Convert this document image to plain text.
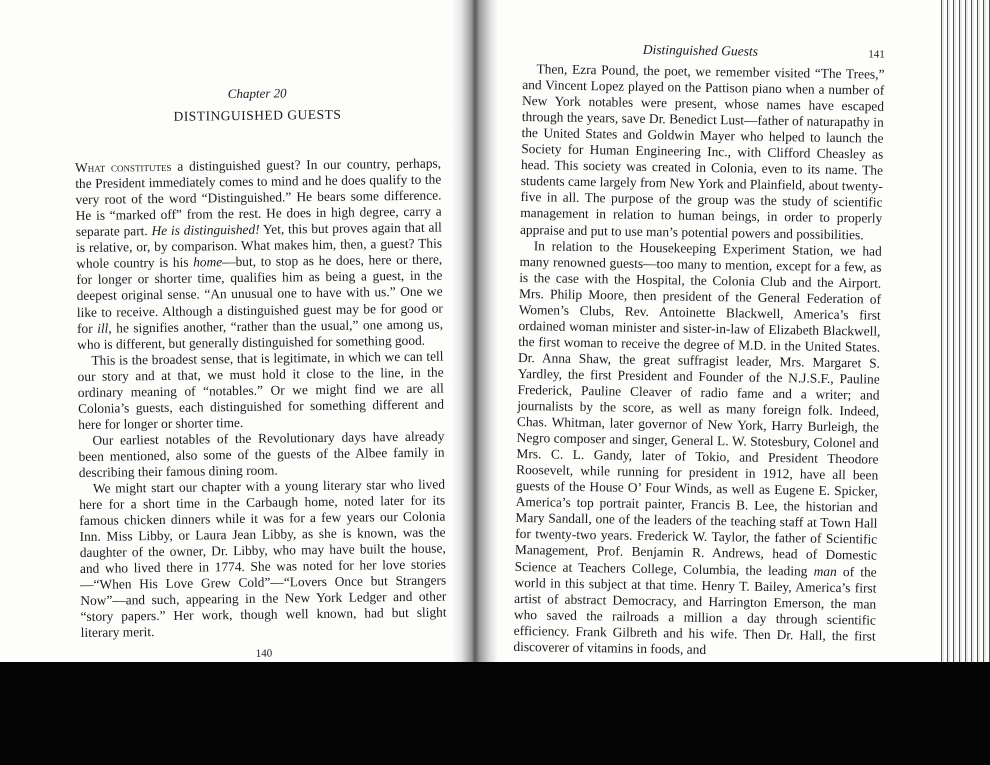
Chapter 20
DISTINGUISHED GUESTS

What constitutes a distinguished guest? In our country, perhaps, the President immediately comes to mind and he does qualify to the very root of the word “Distinguished.” He bears some difference. He is “marked off” from the rest. He does in high degree, carry a separate part. He is distinguished! Yet, this but proves again that all is relative, or, by comparison. What makes him, then, a guest? This whole country is his home—but, to stop as he does, here or there, for longer or shorter time, qualifies him as being a guest, in the deepest original sense. “An unusual one to have with us.” One we like to receive. Although a distinguished guest may be for good or for ill, he signifies another, “rather than the usual,” one among us, who is different, but generally distinguished for something good.

This is the broadest sense, that is legitimate, in which we can tell our story and at that, we must hold it close to the line, in the ordinary meaning of “notables.” Or we might find we are all Colonia’s guests, each distinguished for something different and here for longer or shorter time.

Our earliest notables of the Revolutionary days have already been mentioned, also some of the guests of the Albee family in describing their famous dining room.

We might start our chapter with a young literary star who lived here for a short time in the Carbaugh home, noted later for its famous chicken dinners while it was for a few years our Colonia Inn. Miss Libby, or Laura Jean Libby, as she is known, was the daughter of the owner, Dr. Libby, who may have built the house, and who lived there in 1774. She was noted for her love stories—“When His Love Grew Cold”—“Lovers Once but Strangers Now”—and such, appearing in the New York Ledger and other “story papers.” Her work, though well known, had but slight literary merit.

140
Distinguished Guests	141

Then, Ezra Pound, the poet, we remember visited “The Trees,” and Vincent Lopez played on the Pattison piano when a number of New York notables were present, whose names have escaped through the years, save Dr. Benedict Lust—father of naturapathy in the United States and Goldwin Mayer who helped to launch the Society for Human Engineering Inc., with Clifford Cheasley as head. This society was created in Colonia, even to its name. The students came largely from New York and Plainfield, about twenty-five in all. The purpose of the group was the study of scientific management in relation to human beings, in order to properly appraise and put to use man’s potential powers and possibilities.

In relation to the Housekeeping Experiment Station, we had many renowned guests—too many to mention, except for a few, as is the case with the Hospital, the Colonia Club and the Airport. Mrs. Philip Moore, then president of the General Federation of Women’s Clubs, Rev. Antoinette Blackwell, America’s first ordained woman minister and sister-in-law of Elizabeth Blackwell, the first woman to receive the degree of M.D. in the United States. Dr. Anna Shaw, the great suffragist leader, Mrs. Margaret S. Yardley, the first President and Founder of the N.J.S.F., Pauline Frederick, Pauline Cleaver of radio fame and a writer; and journalists by the score, as well as many foreign folk. Indeed, Chas. Whitman, later governor of New York, Harry Burleigh, the Negro composer and singer, General L. W. Stotesbury, Colonel and Mrs. C. L. Gandy, later of Tokio, and President Theodore Roosevelt, while running for president in 1912, have all been guests of the House O’ Four Winds, as well as Eugene E. Spicker, America’s top portrait painter, Francis B. Lee, the historian and Mary Sandall, one of the leaders of the teaching staff at Town Hall for twenty-two years. Frederick W. Taylor, the father of Scientific Management, Prof. Benjamin R. Andrews, head of Domestic Science at Teachers College, Columbia, the leading man of the world in this subject at that time. Henry T. Bailey, America’s first artist of abstract Democracy, and Harrington Emerson, the man who saved the railroads a million a day through scientific efficiency. Frank Gilbreth and his wife. Then Dr. Hall, the first discoverer of vitamins in foods, and
